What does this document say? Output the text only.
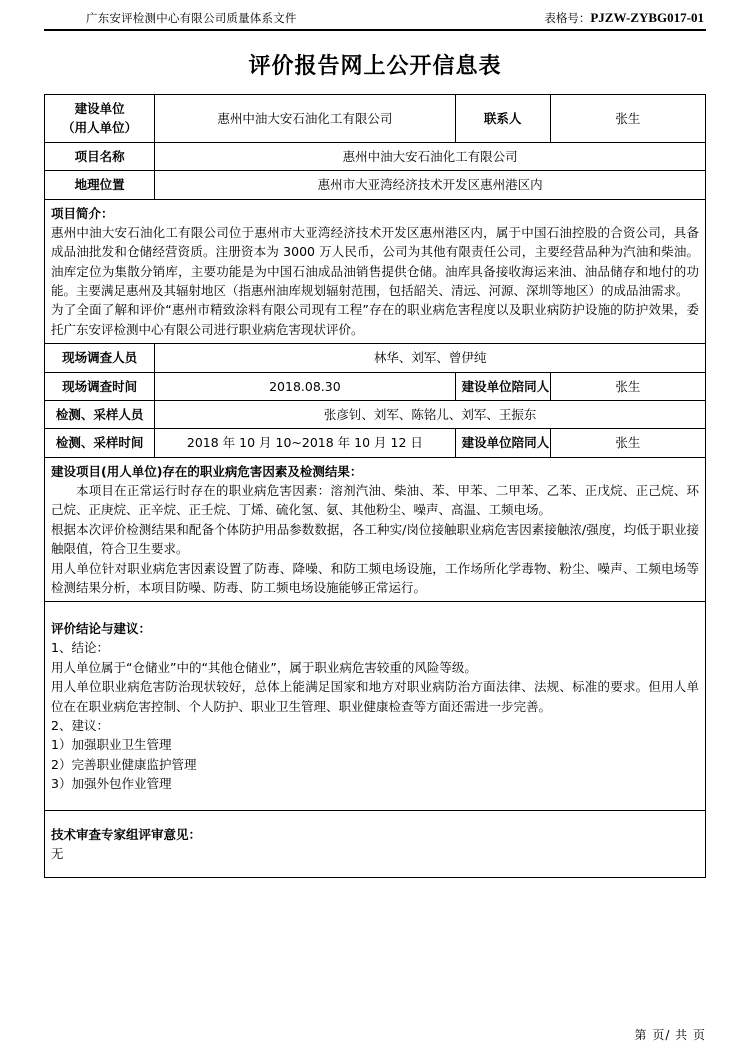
广东安评检测中心有限公司质量体系文件	表格号：PJZW-ZYBG017-01
评价报告网上公开信息表
建设单位
（用人单位）	惠州中油大安石油化工有限公司	联系人	张生
项目名称	惠州中油大安石油化工有限公司		
地理位置	惠州市大亚湾经济技术开发区惠州港区内		

项目简介：

惠州中油大安石油化工有限公司位于惠州市大亚湾经济技术开发区惠州港区内，属于中国石油控股的合资公司，具备成品油批发和仓储经营资质。注册资本为 3000 万人民币，公司为其他有限责任公司，主要经营品种为汽油和柴油。油库定位为集散分销库，主要功能是为中国石油成品油销售提供仓储。油库具备接收海运来油、油品储存和地付的功能。主要满足惠州及其辐射地区（指惠州油库规划辐射范围，包括韶关、清远、河源、深圳等地区）的成品油需求。

为了全面了解和评价“惠州市精致涂料有限公司现有工程”存在的职业病危害程度以及职业病防护设施的防护效果，委托广东安评检测中心有限公司进行职业病危害现状评价。			

现场调查人员	林华、刘军、曾伊纯		
现场调查时间	2018.08.30	建设单位陪同人	张生
检测、采样人员	张彦钊、刘军、陈铭儿、刘军、王振东		
检测、采样时间	2018 年 10 月 10~2018 年 10 月 12 日	建设单位陪同人	张生

建设项目(用人单位)存在的职业病危害因素及检测结果：

本项目在正常运行时存在的职业病危害因素：溶剂汽油、柴油、苯、甲苯、二甲苯、乙苯、正戊烷、正己烷、环己烷、正庚烷、正辛烷、正壬烷、丁烯、硫化氢、氨、其他粉尘、噪声、高温、工频电场。

根据本次评价检测结果和配备个体防护用品参数数据，各工种实/岗位接触职业病危害因素接触浓/强度，均低于职业接触限值，符合卫生要求。

用人单位针对职业病危害因素设置了防毒、降噪、和防工频电场设施，工作场所化学毒物、粉尘、噪声、工频电场等检测结果分析，本项目防噪、防毒、防工频电场设施能够正常运行。			

评价结论与建议：

1、结论：

用人单位属于“仓储业”中的“其他仓储业”，属于职业病危害较重的风险等级。

用人单位职业病危害防治现状较好，总体上能满足国家和地方对职业病防治方面法律、法规、标准的要求。但用人单位在在职业病危害控制、个人防护、职业卫生管理、职业健康检查等方面还需进一步完善。

2、建议：

1）加强职业卫生管理

2）完善职业健康监护管理

3）加强外包作业管理

技术审查专家组评审意见：

无			

第 页/ 共 页
